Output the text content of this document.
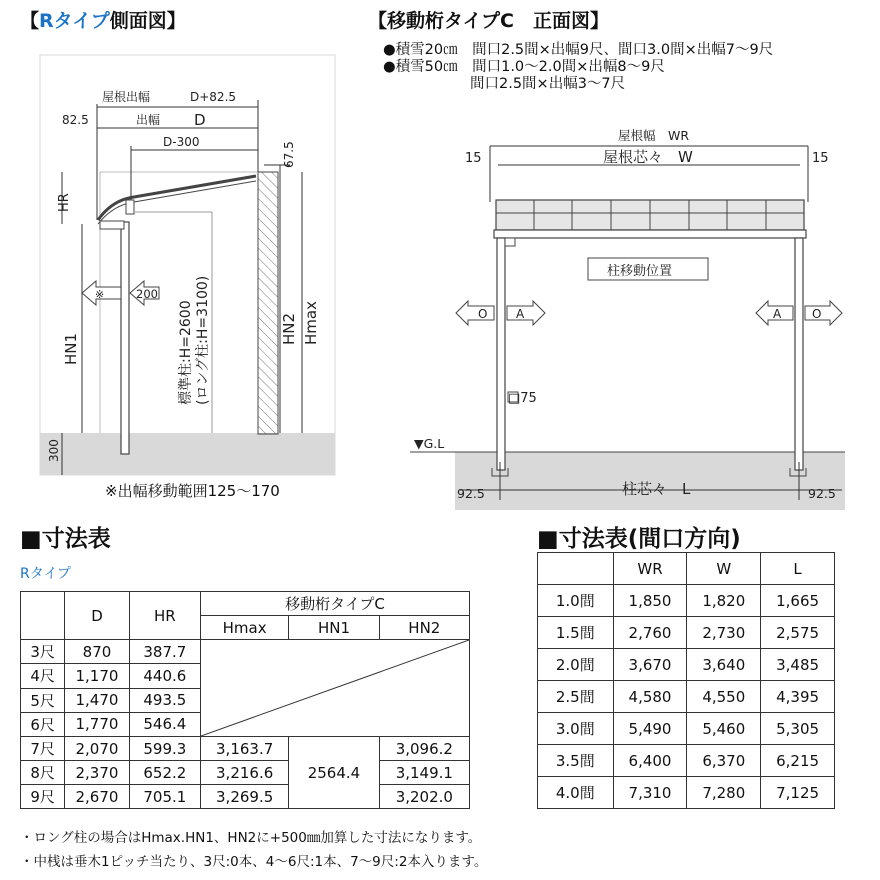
【Rタイプ側面図】
屋根出幅	D+82.5
82.5	出幅 D
D-300	67.5
HR
※	200
HN1
HN2 Hmax
標準柱:H=2600 (ロング柱:H=3100)
300
※出幅移動範囲125～170
【移動桁タイプC　正面図】
●積雪20㎝　間口2.5間×出幅9尺、間口3.0間×出幅7～9尺
●積雪50㎝　間口1.0～2.0間×出幅8～9尺
　　　　　　間口2.5間×出幅3～7尺
屋根幅　WR
屋根芯々　W
15	15
柱移動位置
O A	A	O
□75
▼G.L
92.5	柱芯々　L	92.5
■寸法表
Rタイプ
	D	HR	移動桁タイプC		
			Hmax	HN1	HN2
3尺	870	387.7	

4尺	1,170	440.6			
5尺	1,470	493.5			
6尺	1,770	546.4			
7尺	2,070	599.3	3,163.7	2564.4	3,096.2
8尺	2,370	652.2	3,216.6		3,149.1
9尺	2,670	705.1	3,269.5		3,202.0
■寸法表(間口方向)
	WR	W	L
1.0間	1,850	1,820	1,665
1.5間	2,760	2,730	2,575
2.0間	3,670	3,640	3,485
2.5間	4,580	4,550	4,395
3.0間	5,490	5,460	5,305
3.5間	6,400	6,370	6,215
4.0間	7,310	7,280	7,125
・ロング柱の場合はHmax.HN1、HN2に+500㎜加算した寸法になります。
・中桟は垂木1ピッチ当たり、3尺:0本、4～6尺:1本、7～9尺:2本入ります。
